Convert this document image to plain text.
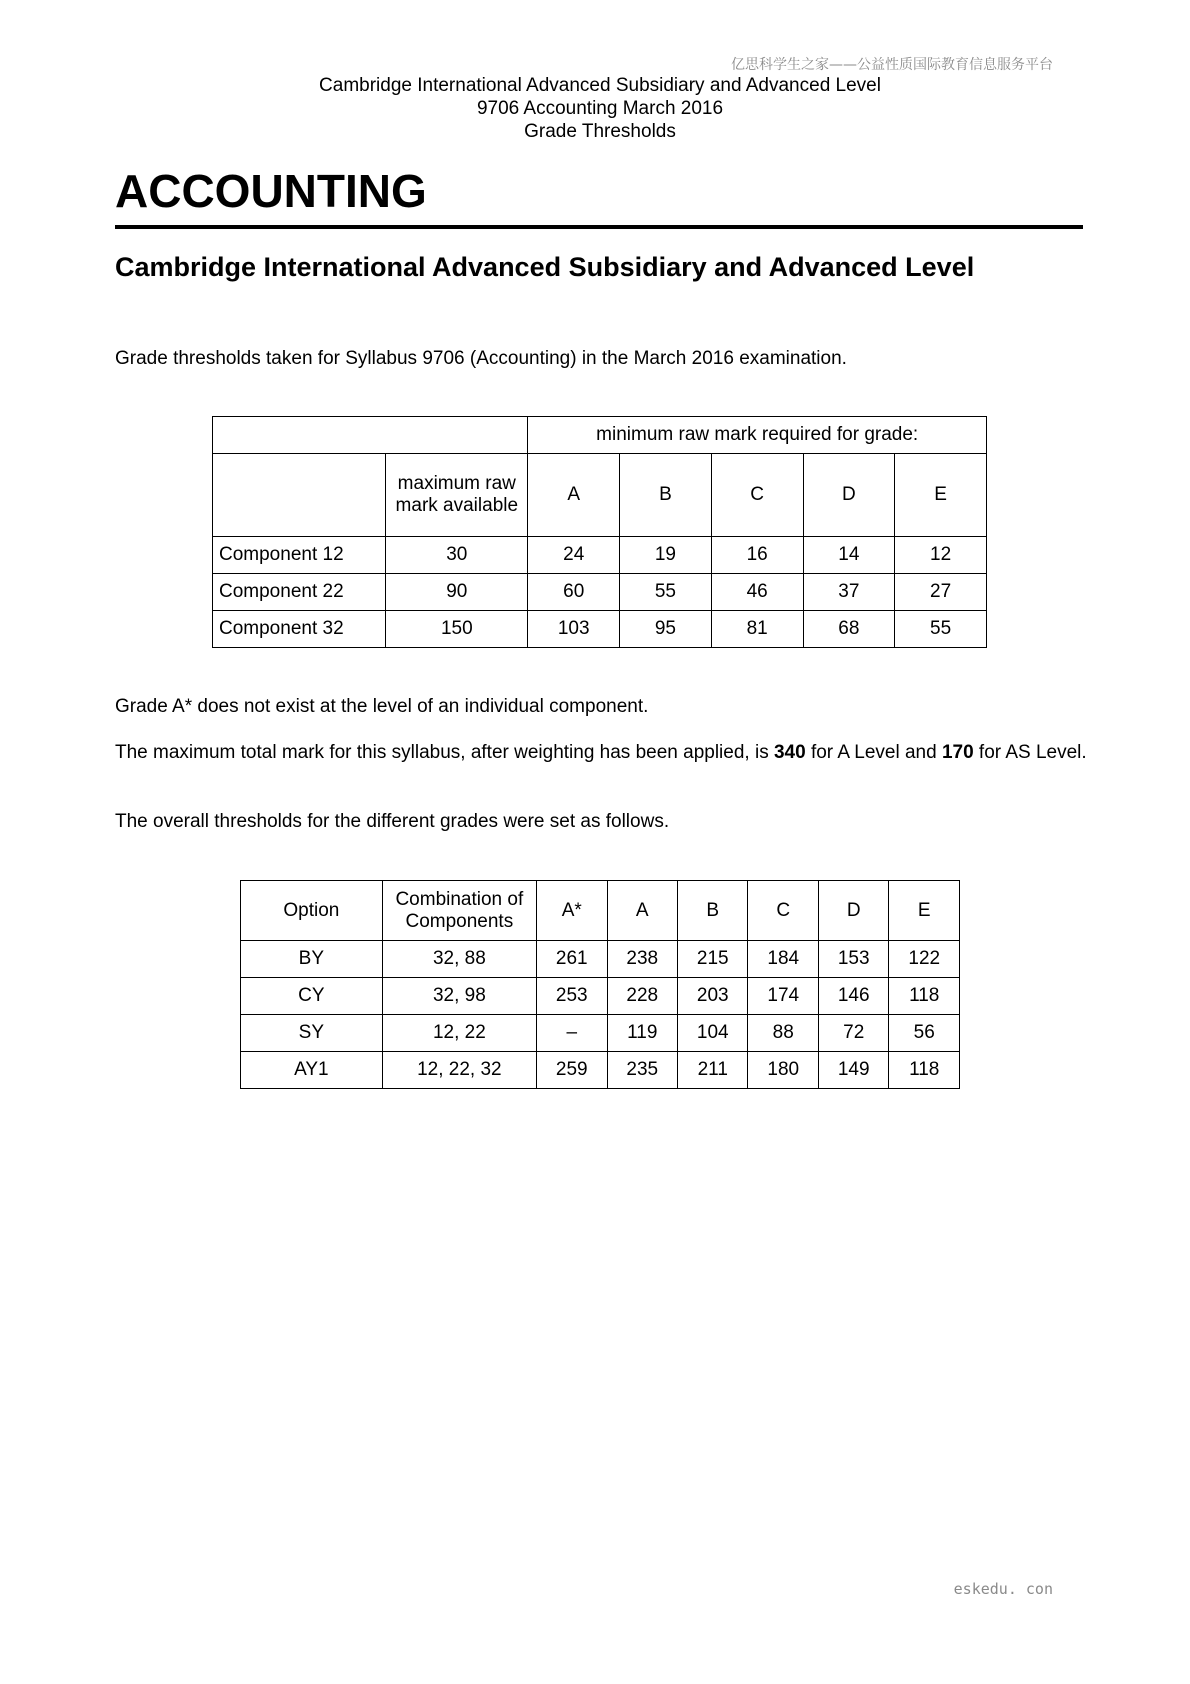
亿思科学生之家——公益性质国际教育信息服务平台
Cambridge International Advanced Subsidiary and Advanced Level
9706 Accounting March 2016
Grade Thresholds
ACCOUNTING
Cambridge International Advanced Subsidiary and Advanced Level

Grade thresholds taken for Syllabus 9706 (Accounting) in the March 2016 examination.

		minimum raw mark required for grade:				
	maximum raw mark available	A	B	C	D	E
Component 12	30	24	19	16	14	12
Component 22	90	60	55	46	37	27
Component 32	150	103	95	81	68	55

Grade A* does not exist at the level of an individual component.

The maximum total mark for this syllabus, after weighting has been applied, is 340 for A Level and 170 for AS Level.

The overall thresholds for the different grades were set as follows.

Option	Combination of Components	A*	A	B	C	D	E
BY	32, 88	261	238	215	184	153	122
CY	32, 98	253	228	203	174	146	118
SY	12, 22	–	119	104	88	72	56
AY1	12, 22, 32	259	235	211	180	149	118
eskedu. con
